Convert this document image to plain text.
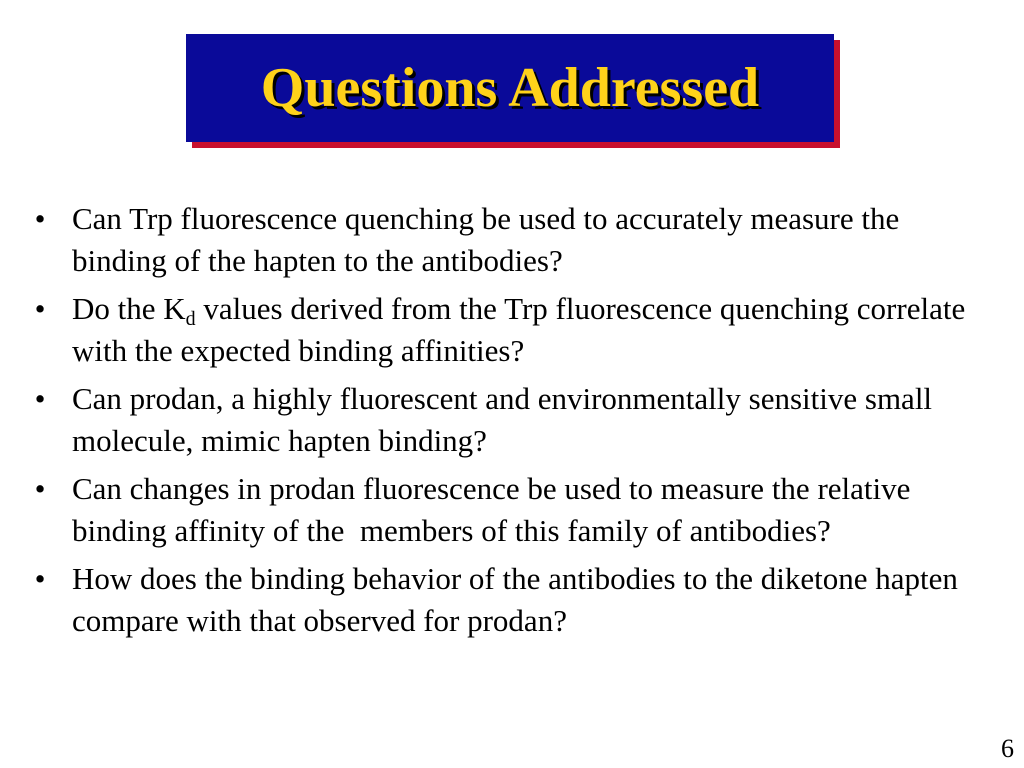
Questions Addressed
• Can Trp fluorescence quenching be used to accurately measure the binding of the hapten to the antibodies?
• Do the $K_d$ values derived from the Trp fluorescence quenching correlate with the expected binding affinities?
• Can prodan, a highly fluorescent and environmentally sensitive small molecule, mimic hapten binding?
• Can changes in prodan fluorescence be used to measure the relative binding affinity of the  members of this family of antibodies?
• How does the binding behavior of the antibodies to the diketone hapten compare with that observed for prodan?
6
